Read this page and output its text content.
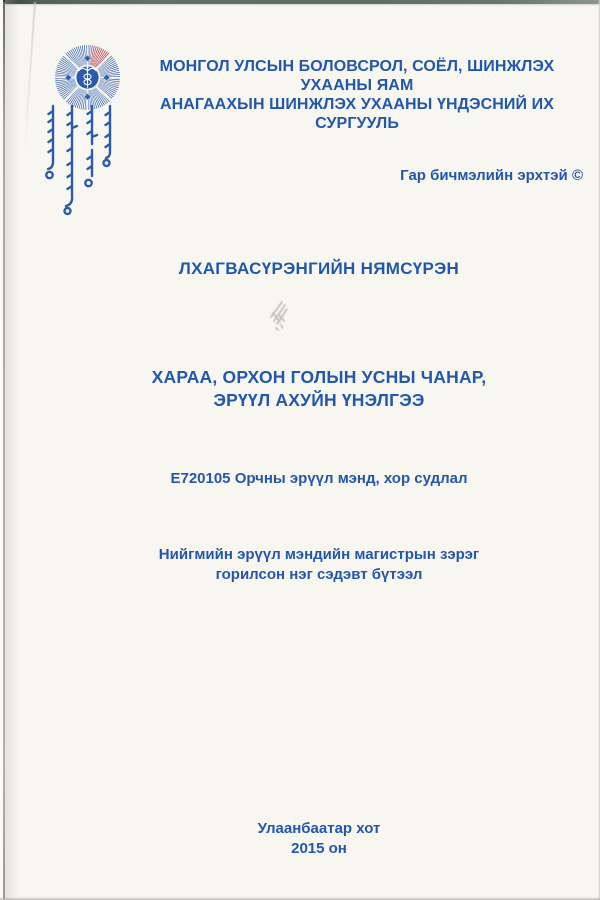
МОНГОЛ УЛСЫН БОЛОВСРОЛ, СОЁЛ, ШИНЖЛЭХ УХААНЫ ЯАМ
АНАГААХЫН ШИНЖЛЭХ УХААНЫ ҮНДЭСНИЙ ИХ СУРГУУЛЬ
Гар бичмэлийн эрхтэй ©
ЛХАГВАСҮРЭНГИЙН НЯМСҮРЭН
ХАРАА, ОРХОН ГОЛЫН УСНЫ ЧАНАР,
ЭРҮҮЛ АХУЙН ҮНЭЛГЭЭ
Е720105 Орчны эрүүл мэнд, хор судлал
Нийгмийн эрүүл мэндийн магистрын зэрэг
горилсон нэг сэдэвт бүтээл
Улаанбаатар хот
2015 он
